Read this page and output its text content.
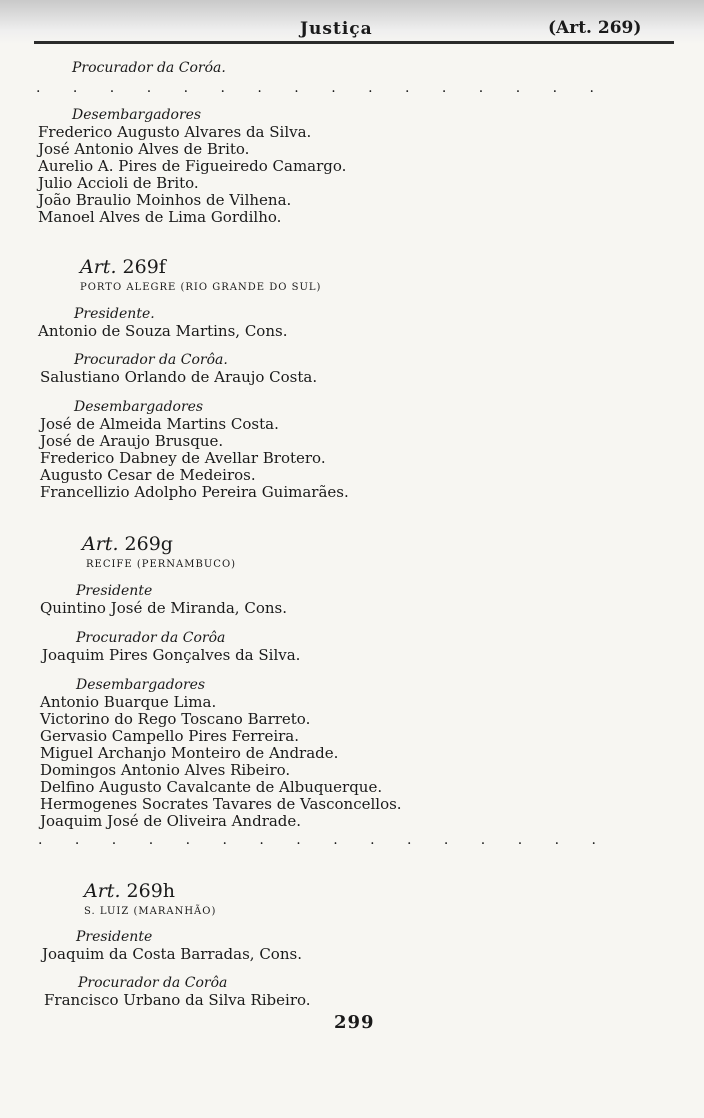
Justiça	(Art. 269)
Procurador da Coróa.
. . . . . . . . . . . . . . . .
Desembargadores
Frederico Augusto Alvares da Silva.
José Antonio Alves de Brito.
Aurelio A. Pires de Figueiredo Camargo.
Julio Accioli de Brito.
João Braulio Moinhos de Vilhena.
Manoel Alves de Lima Gordilho.
Art. 269f
PORTO ALEGRE (RIO GRANDE DO SUL)
Presidente.
Antonio de Souza Martins, Cons.
Procurador da Corôa.
Salustiano Orlando de Araujo Costa.
Desembargadores
José de Almeida Martins Costa.
José de Araujo Brusque.
Frederico Dabney de Avellar Brotero.
Augusto Cesar de Medeiros.
Francellizio Adolpho Pereira Guimarães.
Art. 269g
RECIFE (PERNAMBUCO)
Presidente
Quintino José de Miranda, Cons.
Procurador da Corôa
Joaquim Pires Gonçalves da Silva.
Desembargadores
Antonio Buarque Lima.
Victorino do Rego Toscano Barreto.
Gervasio Campello Pires Ferreira.
Miguel Archanjo Monteiro de Andrade.
Domingos Antonio Alves Ribeiro.
Delfino Augusto Cavalcante de Albuquerque.
Hermogenes Socrates Tavares de Vasconcellos.
Joaquim José de Oliveira Andrade.
. . . . . . . . . . . . . . . .
Art. 269h
S. LUIZ (MARANHÃO)
Presidente
Joaquim da Costa Barradas, Cons.
Procurador da Corôa
Francisco Urbano da Silva Ribeiro.
299
